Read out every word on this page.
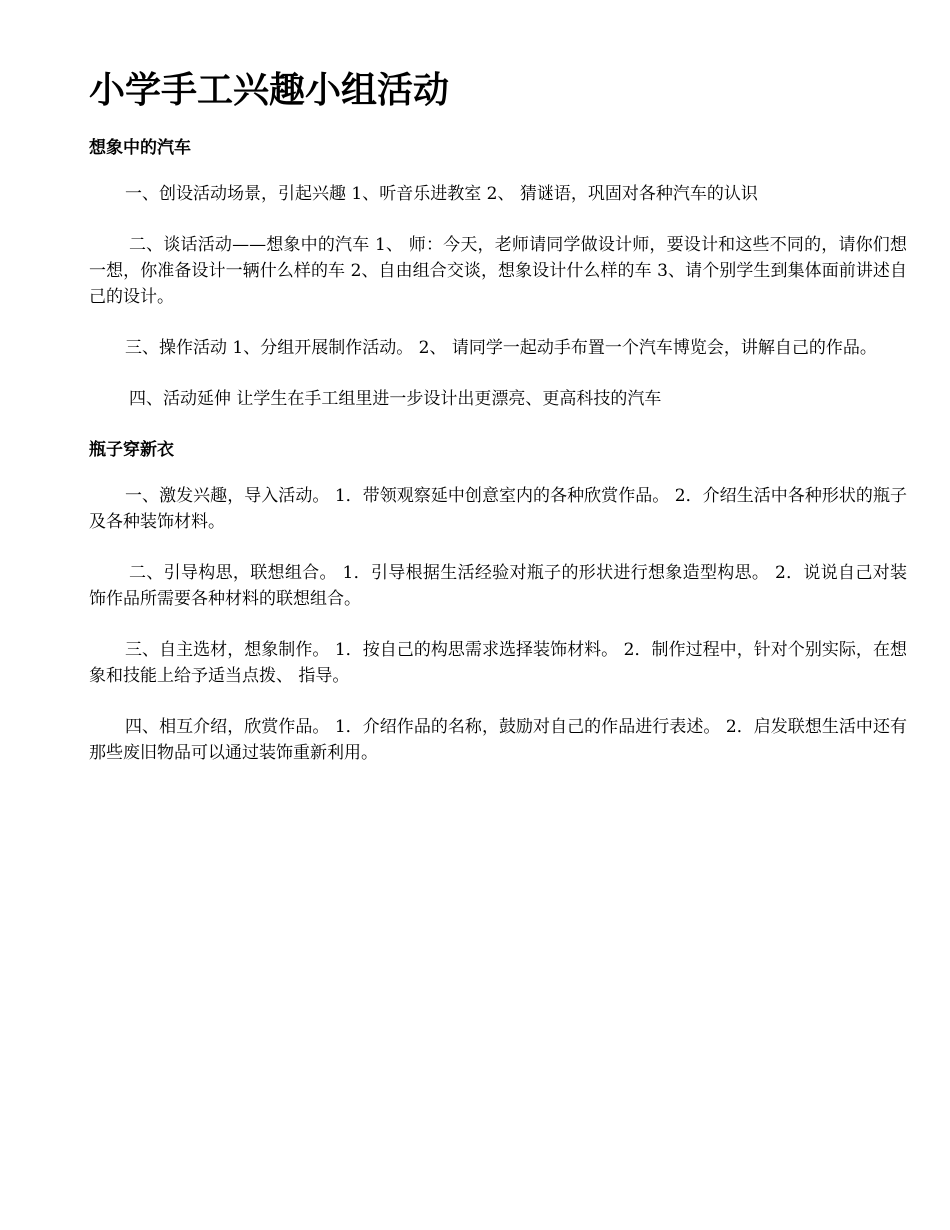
小学手工兴趣小组活动
想象中的汽车

一、创设活动场景，引起兴趣 1、听音乐进教室 2、 猜谜语，巩固对各种汽车的认识

二、谈话活动——想象中的汽车 1、 师：今天，老师请同学做设计师，要设计和这些不同的，请你们想一想，你准备设计一辆什么样的车 2、自由组合交谈，想象设计什么样的车 3、请个别学生到集体面前讲述自己的设计。

三、操作活动 1、分组开展制作活动。 2、 请同学一起动手布置一个汽车博览会，讲解自己的作品。

四、活动延伸 让学生在手工组里进一步设计出更漂亮、更高科技的汽车

瓶子穿新衣

一、激发兴趣，导入活动。 1．带领观察延中创意室内的各种欣赏作品。 2．介绍生活中各种形状的瓶子及各种装饰材料。

二、引导构思，联想组合。 1．引导根据生活经验对瓶子的形状进行想象造型构思。 2．说说自己对装饰作品所需要各种材料的联想组合。

三、自主选材，想象制作。 1．按自己的构思需求选择装饰材料。 2．制作过程中，针对个别实际，在想象和技能上给予适当点拨、 指导。

四、相互介绍，欣赏作品。 1．介绍作品的名称，鼓励对自己的作品进行表述。 2．启发联想生活中还有那些废旧物品可以通过装饰重新利用。
